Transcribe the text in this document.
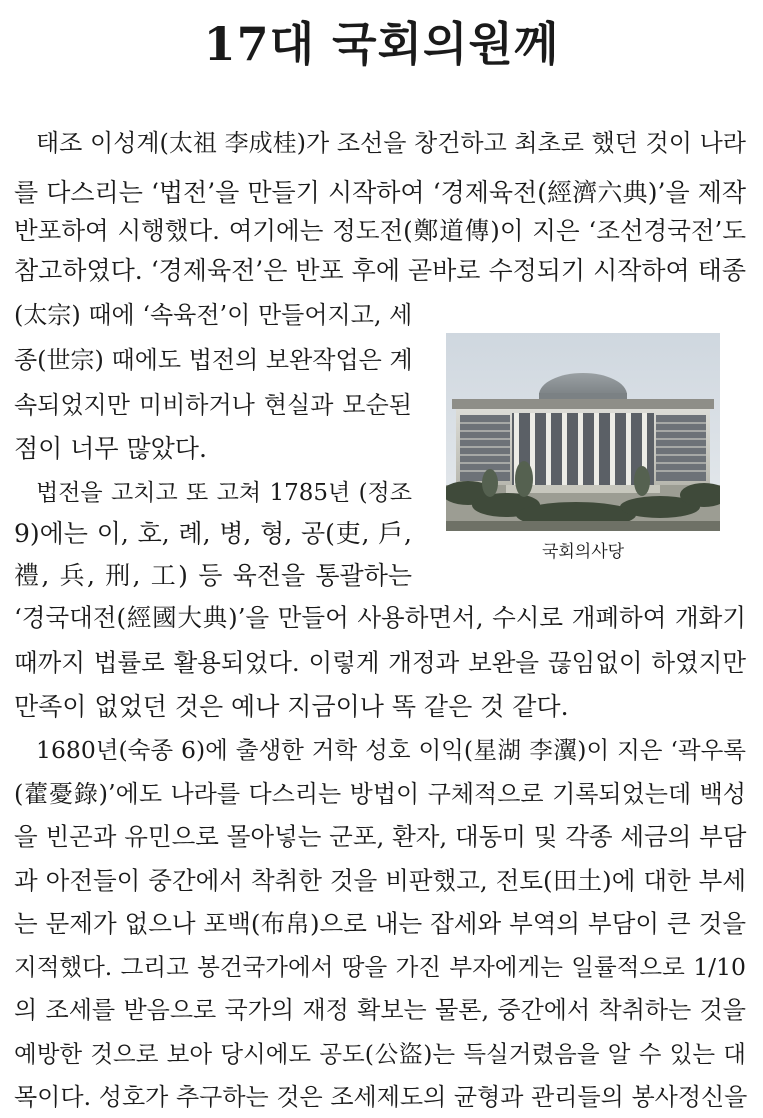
17대 국회의원께

태조 이성계(太祖 李成桂)가 조선을 창건하고 최초로 했던 것이 나라

를 다스리는 ‘법전’을 만들기 시작하여 ‘경제육전(經濟六典)’을 제작

반포하여 시행했다. 여기에는 정도전(鄭道傳)이 지은 ‘조선경국전’도

참고하였다. ‘경제육전’은 반포 후에 곧바로 수정되기 시작하여 태종

(太宗) 때에 ‘속육전’이 만들어지고, 세

종(世宗) 때에도 법전의 보완작업은 계

속되었지만 미비하거나 현실과 모순된

점이 너무 많았다.

법전을 고치고 또 고쳐 1785년 (정조

9)에는 이, 호, 례, 병, 형, 공(吏, 戶,

禮, 兵, 刑, 工) 등 육전을 통괄하는

‘경국대전(經國大典)’을 만들어 사용하면서, 수시로 개폐하여 개화기

때까지 법률로 활용되었다. 이렇게 개정과 보완을 끊임없이 하였지만

만족이 없었던 것은 예나 지금이나 똑 같은 것 같다.

1680년(숙종 6)에 출생한 거학 성호 이익(星湖 李瀷)이 지은 ‘곽우록

(藿憂錄)’에도 나라를 다스리는 방법이 구체적으로 기록되었는데 백성

을 빈곤과 유민으로 몰아넣는 군포, 환자, 대동미 및 각종 세금의 부담

과 아전들이 중간에서 착취한 것을 비판했고, 전토(田土)에 대한 부세

는 문제가 없으나 포백(布帛)으로 내는 잡세와 부역의 부담이 큰 것을

지적했다. 그리고 봉건국가에서 땅을 가진 부자에게는 일률적으로 1/10

의 조세를 받음으로 국가의 재정 확보는 물론, 중간에서 착취하는 것을

예방한 것으로 보아 당시에도 공도(公盜)는 득실거렸음을 알 수 있는 대

목이다. 성호가 추구하는 것은 조세제도의 균형과 관리들의 봉사정신을

국회의사당
